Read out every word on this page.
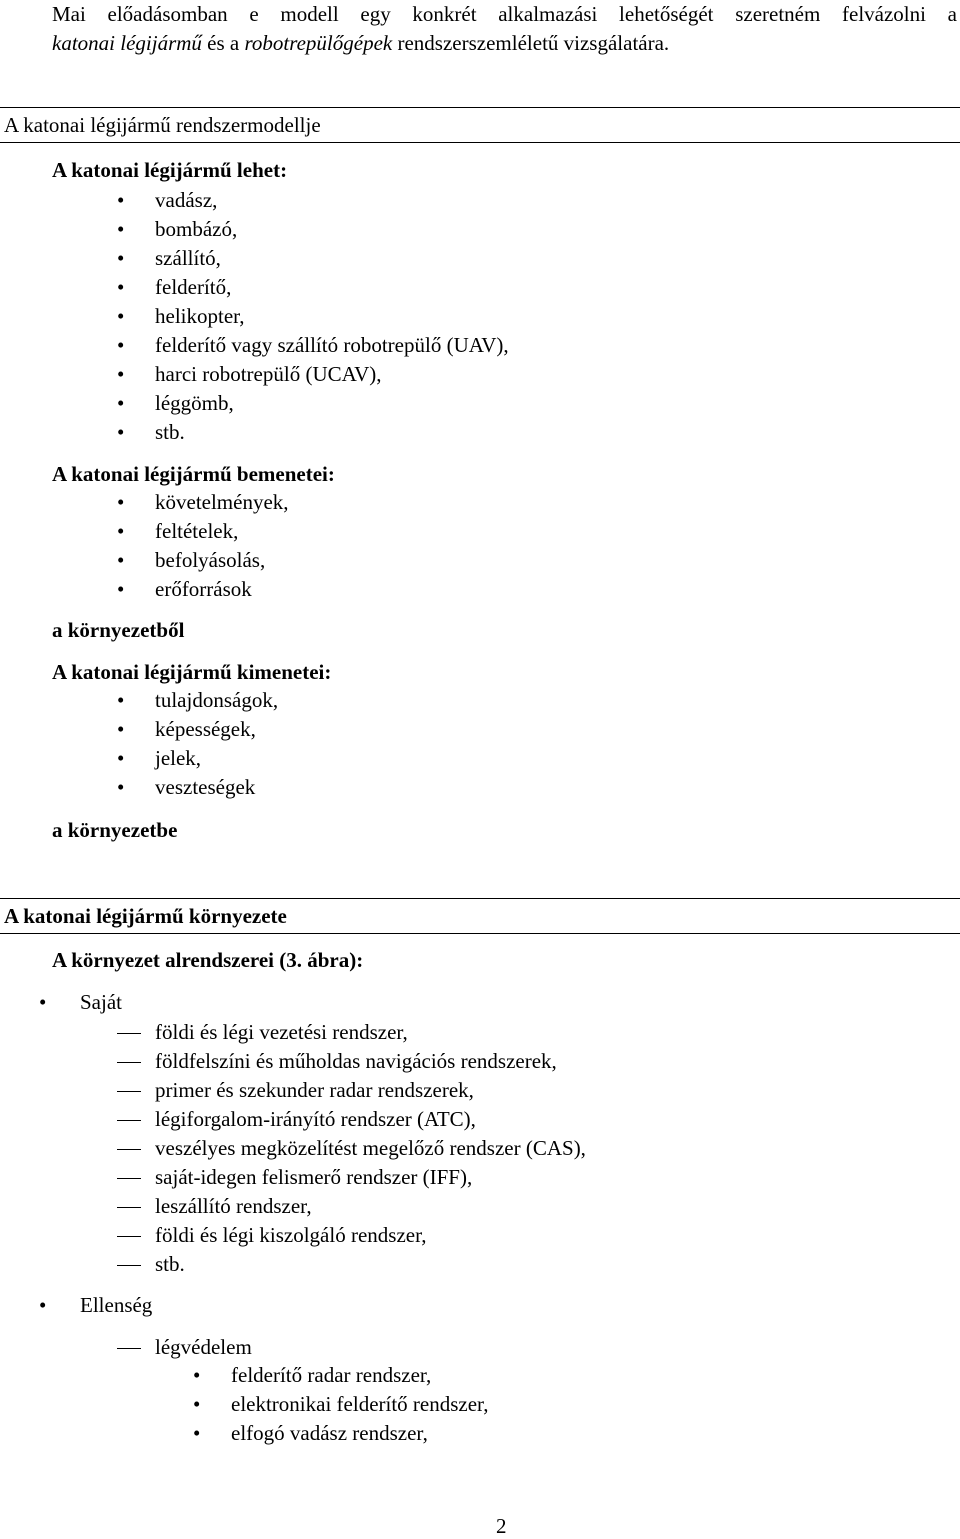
Mai előadásomban e modell egy konkrét alkalmazási lehetőségét szeretném felvázolni a
katonai légijármű és a robotrepülőgépek rendszerszemléletű vizsgálatára.
A katonai légijármű rendszermodellje
A katonai légijármű lehet:
• vadász,
• bombázó,
• szállító,
• felderítő,
• helikopter,
• felderítő vagy szállító robotrepülő (UAV),
• harci robotrepülő (UCAV),
• léggömb,
• stb.
A katonai légijármű bemenetei:
• követelmények,
• feltételek,
• befolyásolás,
• erőforrások
a környezetből
A katonai légijármű kimenetei:
• tulajdonságok,
• képességek,
• jelek,
• veszteségek
a környezetbe
A katonai légijármű környezete
A környezet alrendszerei (3. ábra):
• Saját
földi és légi vezetési rendszer,
földfelszíni és műholdas navigációs rendszerek,
primer és szekunder radar rendszerek,
légiforgalom-irányító rendszer (ATC),
veszélyes megközelítést megelőző rendszer (CAS),
saját-idegen felismerő rendszer (IFF),
leszállító rendszer,
földi és légi kiszolgáló rendszer,
stb.
• Ellenség
légvédelem
• felderítő radar rendszer,
• elektronikai felderítő rendszer,
• elfogó vadász rendszer,
2
